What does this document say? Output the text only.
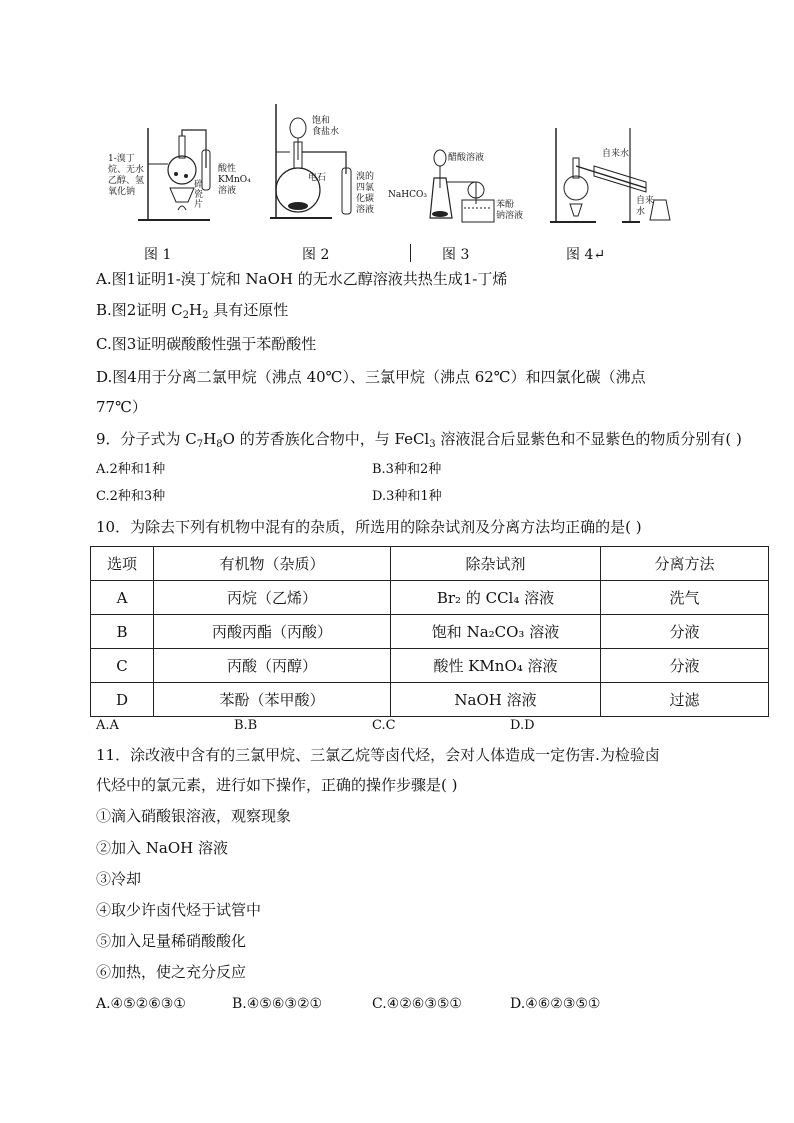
1-溴丁
烷、无水
乙醇、氢
氧化钠
碎
瓷
片
酸性
KMnO₄
溶液
图 1
饱和
食盐水
电石	溴的
四氯
化碳
溶液
图 2
醋酸溶液
NaHCO₃
苯酚
钠溶液
图 3
自来水
自来
水
图 4↵
A.图1证明1-溴丁烷和 NaOH 的无水乙醇溶液共热生成1-丁烯
B.图2证明 $C_2H_2$ 具有还原性
C.图3证明碳酸酸性强于苯酚酸性
D.图4用于分离二氯甲烷（沸点 40℃）、三氯甲烷（沸点 62℃）和四氯化碳（沸点
77℃）
9．分子式为 $C_7H_8O$ 的芳香族化合物中，与 FeCl$_3$ 溶液混合后显紫色和不显紫色的物质分别有( )
A.2种和1种	B.3种和2种
C.2种和3种	D.3种和1种
10．为除去下列有机物中混有的杂质，所选用的除杂试剂及分离方法均正确的是( )
选项	有机物（杂质）	除杂试剂	分离方法
A	丙烷（乙烯）	Br₂ 的 CCl₄ 溶液	洗气
B	丙酸丙酯（丙酸）	饱和 Na₂CO₃ 溶液	分液
C	丙酸（丙醇）	酸性 KMnO₄ 溶液	分液
D	苯酚（苯甲酸）	NaOH 溶液	过滤
A.A	B.B	C.C	D.D
11．涂改液中含有的三氯甲烷、三氯乙烷等卤代烃，会对人体造成一定伤害.为检验卤
代烃中的氯元素，进行如下操作，正确的操作步骤是( )
①滴入硝酸银溶液，观察现象
②加入 NaOH 溶液
③冷却
④取少许卤代烃于试管中
⑤加入足量稀硝酸酸化
⑥加热，使之充分反应
A.④⑤②⑥③①	B.④⑤⑥③②①	C.④②⑥③⑤①	D.④⑥②③⑤①
